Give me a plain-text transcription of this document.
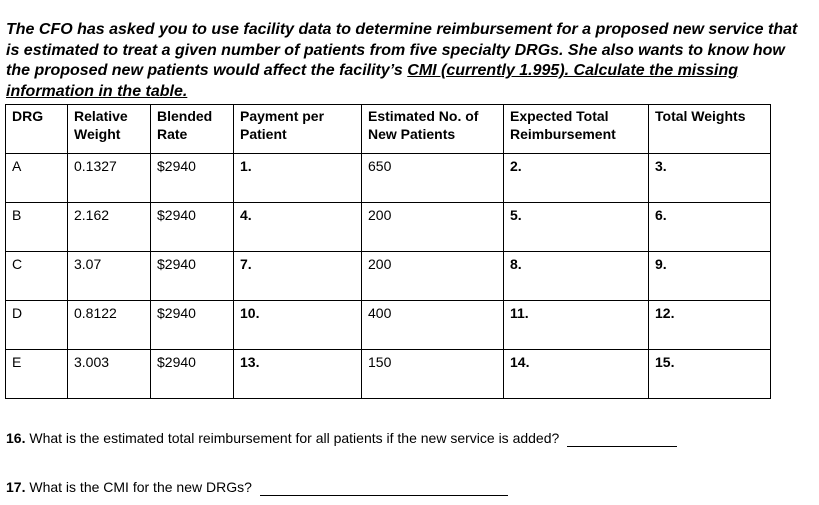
The CFO has asked you to use facility data to determine reimbursement for a proposed new service that is estimated to treat a given number of patients from five specialty DRGs. She also wants to know how the proposed new patients would affect the facility’s CMI (currently 1.995). Calculate the missing information in the table.

DRG	Relative Weight	Blended Rate	Payment per Patient	Estimated No. of New Patients	Expected Total Reimbursement	Total Weights
A	0.1327	$2940	1.	650	2.	3.
B	2.162	$2940	4.	200	5.	6.
C	3.07	$2940	7.	200	8.	9.
D	0.8122	$2940	10.	400	11.	12.
E	3.003	$2940	13.	150	14.	15.

16. What is the estimated total reimbursement for all patients if the new service is added?

17. What is the CMI for the new DRGs?
